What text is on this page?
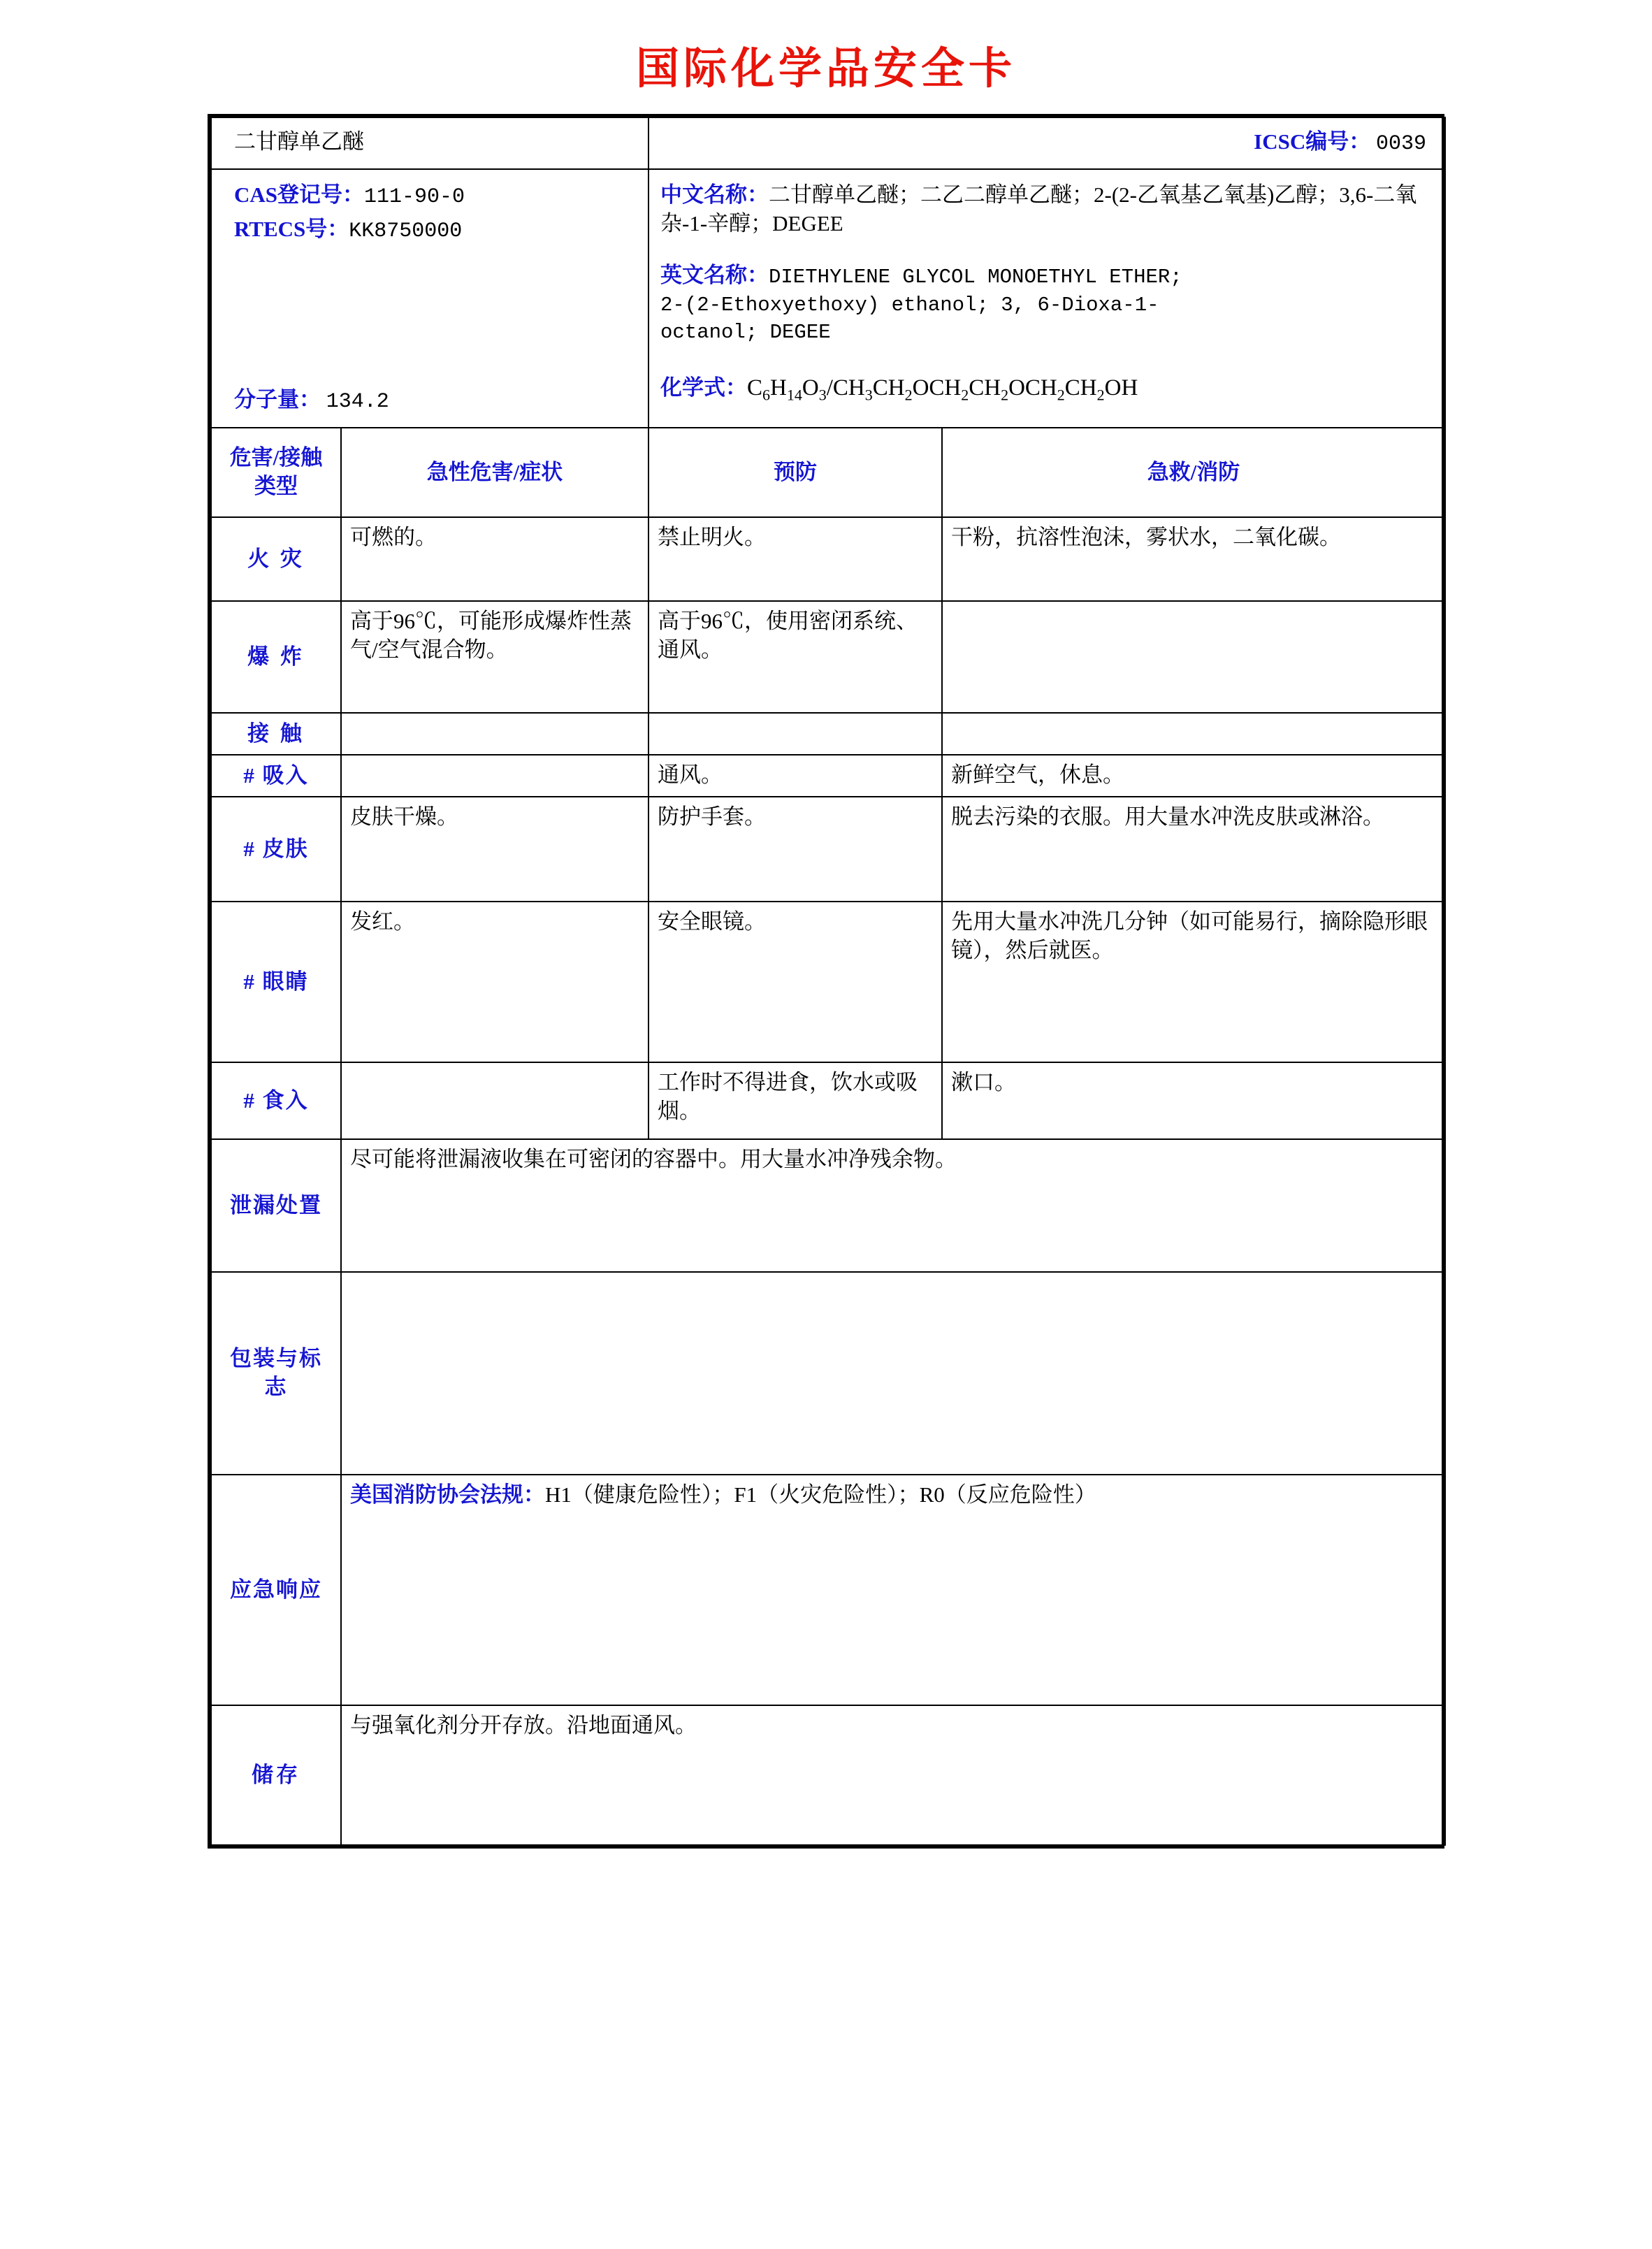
国际化学品安全卡
二甘醇单乙醚		ICSC编号： 0039	

CAS登记号：111-90-0
RTECS号：KK8750000
分子量： 134.2

中文名称：二甘醇单乙醚；二乙二醇单乙醚；2-(2-乙氧基乙氧基)乙醇；3,6-二氧杂-1-辛醇；DEGEE
英文名称：DIETHYLENE GLYCOL MONOETHYL ETHER;
2-(2-Ethoxyethoxy) ethanol; 3, 6-Dioxa-1-
octanol; DEGEE
化学式：$C_6H_{14}O_3/CH_3CH_2OCH_2CH_2OCH_2CH_2OH$

危害/接触
类型	急性危害/症状	预防	急救/消防
火 灾	可燃的。	禁止明火。	干粉，抗溶性泡沫，雾状水，二氧化碳。
爆 炸	高于96℃，可能形成爆炸性蒸气/空气混合物。	高于96℃，使用密闭系统、通风。	
接 触			
# 吸入		通风。	新鲜空气，休息。
# 皮肤	皮肤干燥。	防护手套。	脱去污染的衣服。用大量水冲洗皮肤或淋浴。
# 眼睛	发红。	安全眼镜。	先用大量水冲洗几分钟（如可能易行，摘除隐形眼镜），然后就医。
# 食入		工作时不得进食，饮水或吸烟。	漱口。
泄漏处置	尽可能将泄漏液收集在可密闭的容器中。用大量水冲净残余物。		
包装与标志			
应急响应	美国消防协会法规：H1（健康危险性）；F1（火灾危险性）；R0（反应危险性）		
储存	与强氧化剂分开存放。沿地面通风。		
